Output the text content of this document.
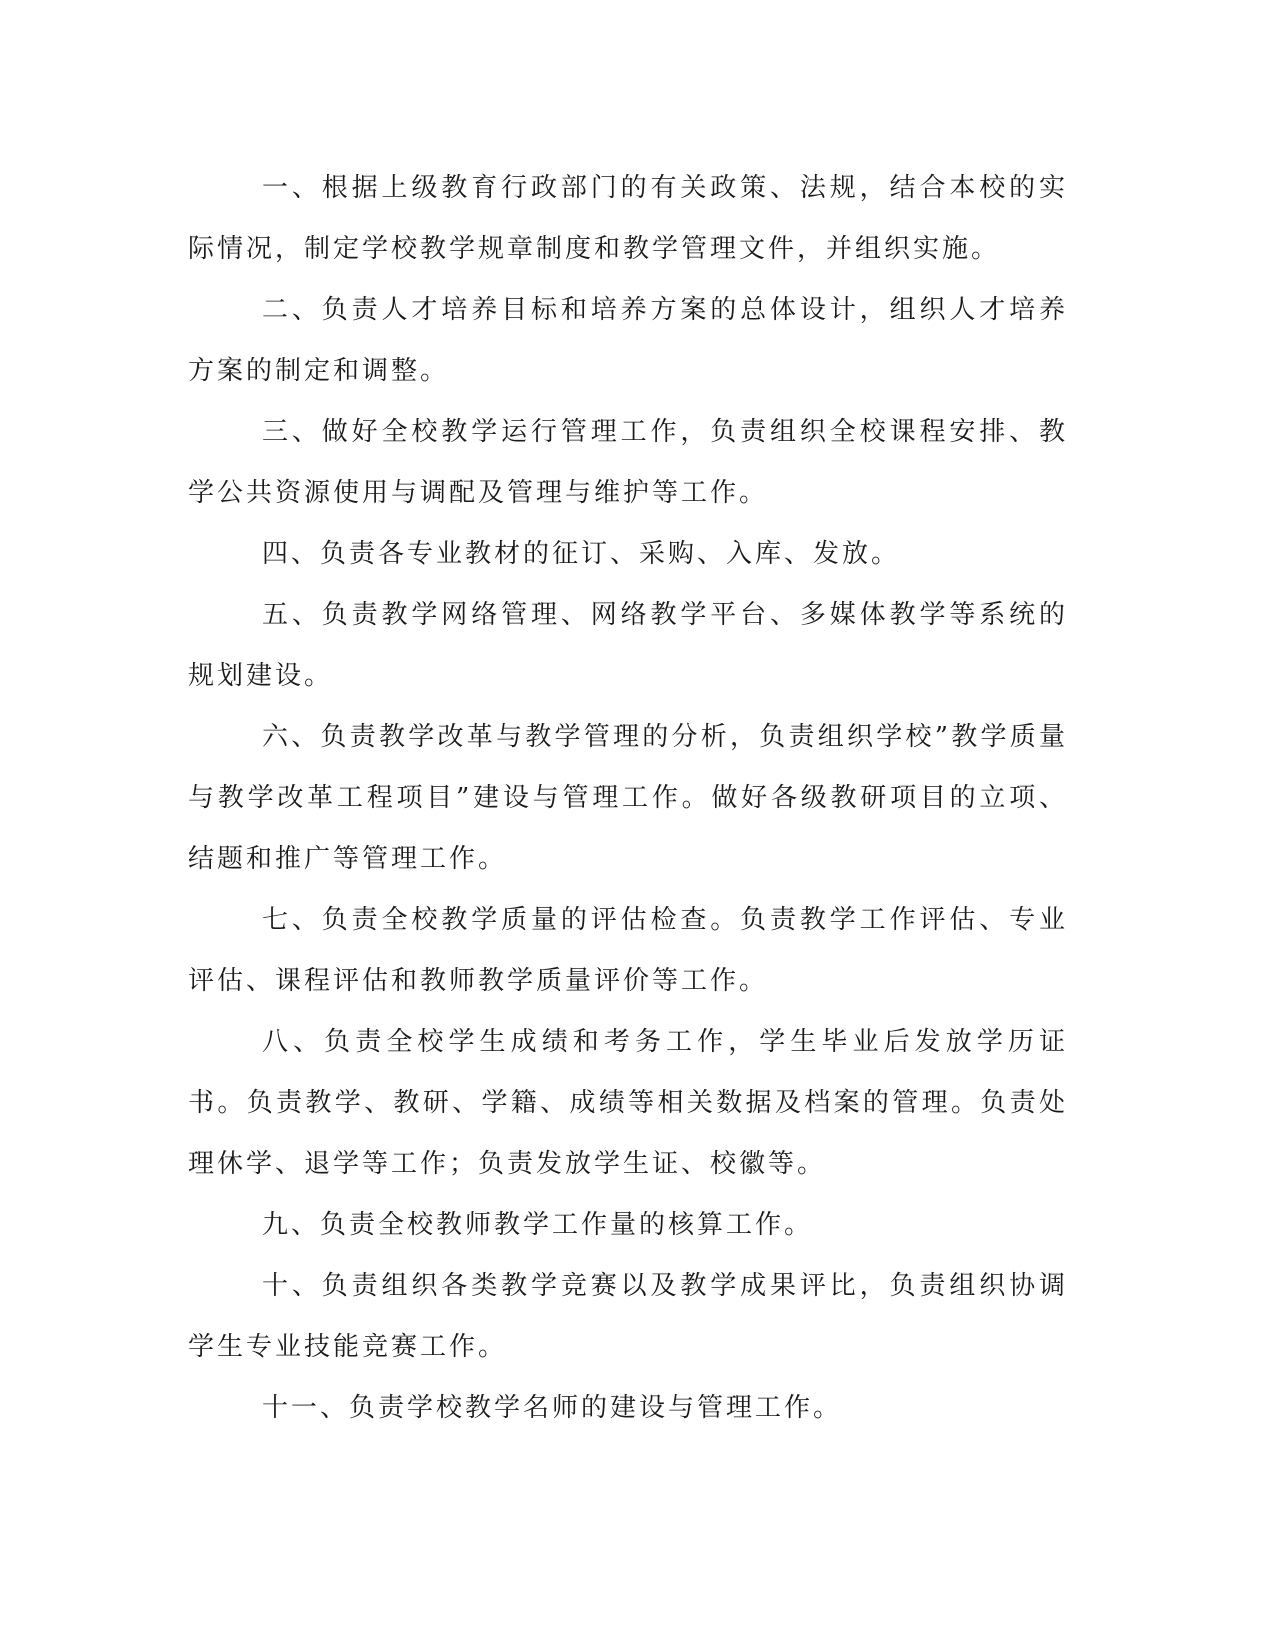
一、根据上级教育行政部门的有关政策、法规，结合本校的实际情况，制定学校教学规章制度和教学管理文件，并组织实施。

二、负责人才培养目标和培养方案的总体设计，组织人才培养方案的制定和调整。

三、做好全校教学运行管理工作，负责组织全校课程安排、教学公共资源使用与调配及管理与维护等工作。

四、负责各专业教材的征订、采购、入库、发放。

五、负责教学网络管理、网络教学平台、多媒体教学等系统的规划建设。

六、负责教学改革与教学管理的分析，负责组织学校”教学质量与教学改革工程项目”建设与管理工作。做好各级教研项目的立项、结题和推广等管理工作。

七、负责全校教学质量的评估检查。负责教学工作评估、专业评估、课程评估和教师教学质量评价等工作。

八、负责全校学生成绩和考务工作，学生毕业后发放学历证书。负责教学、教研、学籍、成绩等相关数据及档案的管理。负责处理休学、退学等工作；负责发放学生证、校徽等。

九、负责全校教师教学工作量的核算工作。

十、负责组织各类教学竞赛以及教学成果评比，负责组织协调学生专业技能竞赛工作。

十一、负责学校教学名师的建设与管理工作。
